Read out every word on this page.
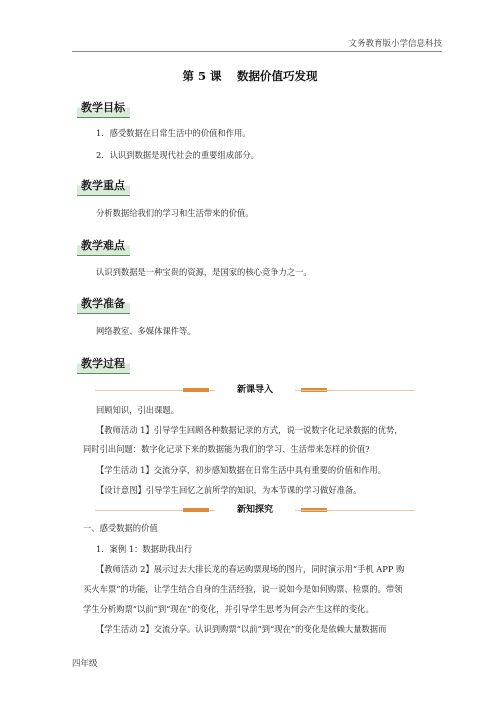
文务教育版小学信息科技
第 5 课　 数据价值巧发现
教学目标
1．感受数据在日常生活中的价值和作用。
2．认识到数据是现代社会的重要组成部分。
教学重点
分析数据给我们的学习和生活带来的价值。
教学难点
认识到数据是一种宝贵的资源，是国家的核心竞争力之一。
教学准备
网络教室、多媒体课件等。
教学过程
新课导入
回顾知识，引出课题。
【教师活动 1】引导学生回顾各种数据记录的方式，说一说数字化记录数据的优势，
同时引出问题：数字化记录下来的数据能为我们的学习、生活带来怎样的价值?
【学生活动 1】交流分享，初步感知数据在日常生活中具有重要的价值和作用。
【设计意图】引导学生回忆之前所学的知识，为本节课的学习做好准备。
新知探究
一、感受数据的价值
1．案例 1：数据助我出行
【教师活动 2】展示过去大排长龙的春运购票现场的图片，同时演示用“手机 APP 购
买火车票”的功能，让学生结合自身的生活经验，说一说如今是如何购票、检票的。带领
学生分析购票“以前”到“现在”的变化，并引导学生思考为何会产生这样的变化。
【学生活动 2】交流分享。认识到购票“以前”到“现在”的变化是依赖大量数据而
四年级
